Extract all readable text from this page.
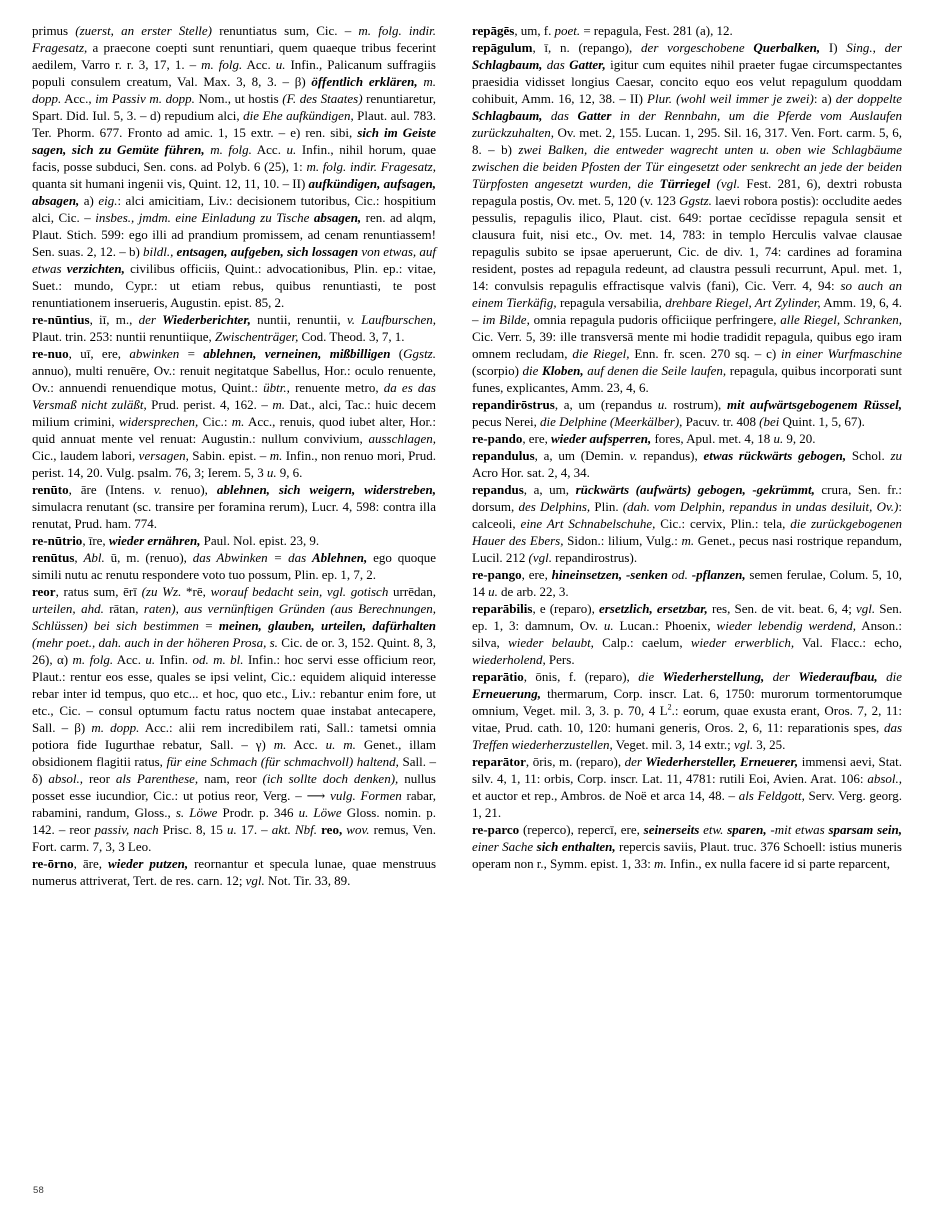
primus (zuerst, an erster Stelle) renuntiatus sum, Cic. – m. folg. indir. Fragesatz, a praecone coepti sunt renuntiari, quem quaeque tribus fecerint aedilem, Varro r. r. 3, 17, 1. – m. folg. Acc. u. Infin., Palicanum suffragiis populi consulem creatum, Val. Max. 3, 8, 3. – β) öffentlich erklären, m. dopp. Acc., im Passiv m. dopp. Nom., ut hostis (F. des Staates) renuntiaretur, Spart. Did. Iul. 5, 3. – d) repudium alci, die Ehe aufkündigen, Plaut. aul. 783. Ter. Phorm. 677. Fronto ad amic. 1, 15 extr. – e) ren. sibi, sich im Geiste sagen, sich zu Gemüte führen, m. folg. Acc. u. Infin., nihil horum, quae facis, posse subduci, Sen. cons. ad Polyb. 6 (25), 1: m. folg. indir. Fragesatz, quanta sit humani ingenii vis, Quint. 12, 11, 10. – II) aufkündigen, aufsagen, absagen, a) eig.: alci amicitiam, Liv.: decisionem tutoribus, Cic.: hospitium alci, Cic. – insbes., jmdm. eine Einladung zu Tische absagen, ren. ad alqm, Plaut. Stich. 599: ego illi ad prandium promissem, ad cenam renuntiassem! Sen. suas. 2, 12. – b) bildl., entsagen, aufgeben, sich lossagen von etwas, auf etwas verzichten, civilibus officiis, Quint.: advocationibus, Plin. ep.: vitae, Suet.: mundo, Cypr.: ut etiam rebus, quibus renuntiasti, te post renuntiationem inserueris, Augustin. epist. 85, 2.

re-nūntius, iī, m., der Wiederberichter, nuntii, renuntii, v. Laufburschen, Plaut. trin. 253: nuntii renuntiique, Zwischenträger, Cod. Theod. 3, 7, 1.

re-nuo, uī, ere, abwinken = ablehnen, verneinen, mißbilligen (Ggstz. annuo), multi renuēre, Ov.: renuit negitatque Sabellus, Hor.: oculo renuente, Ov.: annuendi renuendique motus, Quint.: übtr., renuente metro, da es das Versmaß nicht zuläßt, Prud. perist. 4, 162. – m. Dat., alci, Tac.: huic decem milium crimini, widersprechen, Cic.: m. Acc., renuis, quod iubet alter, Hor.: quid annuat mente vel renuat: Augustin.: nullum convivium, ausschlagen, Cic., laudem labori, versagen, Sabin. epist. – m. Infin., non renuo mori, Prud. perist. 14, 20. Vulg. psalm. 76, 3; Ierem. 5, 3 u. 9, 6.

renūto, āre (Intens. v. renuo), ablehnen, sich weigern, widerstreben, simulacra renutant (sc. transire per foramina rerum), Lucr. 4, 598: contra illa renutat, Prud. ham. 774.

re-nūtrio, īre, wieder ernähren, Paul. Nol. epist. 23, 9.

renūtus, Abl. ū, m. (renuo), das Abwinken = das Ablehnen, ego quoque simili nutu ac renutu respondere voto tuo possum, Plin. ep. 1, 7, 2.

reor, ratus sum, ērī (zu Wz. *rē, worauf bedacht sein, vgl. gotisch urrēdan, urteilen, ahd. rātan, raten), aus vernünftigen Gründen (aus Berechnungen, Schlüssen) bei sich bestimmen = meinen, glauben, urteilen, dafürhalten (mehr poet., dah. auch in der höheren Prosa, s. Cic. de or. 3, 152. Quint. 8, 3, 26), α) m. folg. Acc. u. Infin. od. m. bl. Infin.: hoc servi esse officium reor, Plaut.: rentur eos esse, quales se ipsi velint, Cic.: equidem aliquid interesse rebar inter id tempus, quo etc... et hoc, quo etc., Liv.: rebantur enim fore, ut etc., Cic. – consul optumum factu ratus noctem quae instabat antecapere, Sall. – β) m. dopp. Acc.: alii rem incredibilem rati, Sall.: tametsi omnia potiora fide Iugurthae rebatur, Sall. – γ) m. Acc. u. m. Genet., illam obsidionem flagitii ratus, für eine Schmach (für schmachvoll) haltend, Sall. – δ) absol., reor als Parenthese, nam, reor (ich sollte doch denken), nullus posset esse iucundior, Cic.: ut potius reor, Verg. – ⟶ vulg. Formen rabar, rabamini, randum, Gloss., s. Löwe Prodr. p. 346 u. Löwe Gloss. nomin. p. 142. – reor passiv, nach Prisc. 8, 15 u. 17. – akt. Nbf. reo, wov. remus, Ven. Fort. carm. 7, 3, 3 Leo.

re-ōrno, āre, wieder putzen, reornantur et specula lunae, quae menstruus numerus attriverat, Tert. de res. carn. 12; vgl. Not. Tir. 33, 89.

repāgēs, um, f. poet. = repagula, Fest. 281 (a), 12.

repāgulum, ī, n. (repango), der vorgeschobene Querbalken, I) Sing., der Schlagbaum, das Gatter, igitur cum equites nihil praeter fugae circumspectantes praesidia vidisset longius Caesar, concito equo eos velut repagulum quoddam cohibuit, Amm. 16, 12, 38. – II) Plur. (wohl weil immer je zwei): a) der doppelte Schlagbaum, das Gatter in der Rennbahn, um die Pferde vom Auslaufen zurückzuhalten, Ov. met. 2, 155. Lucan. 1, 295. Sil. 16, 317. Ven. Fort. carm. 5, 6, 8. – b) zwei Balken, die entweder wagrecht unten u. oben wie Schlagbäume zwischen die beiden Pfosten der Tür eingesetzt oder senkrecht an jede der beiden Türpfosten angesetzt wurden, die Türriegel (vgl. Fest. 281, 6), dextri robusta repagula postis, Ov. met. 5, 120 (v. 123 Ggstz. laevi robora postis): occludite aedes pessulis, repagulis ilico, Plaut. cist. 649: portae cecĭdisse repagula sensit et clausura fuit, nisi etc., Ov. met. 14, 783: in templo Herculis valvae clausae repagulis subito se ipsae aperuerunt, Cic. de div. 1, 74: cardines ad foramina resident, postes ad repagula redeunt, ad claustra pessuli recurrunt, Apul. met. 1, 14: convulsis repagulis effractisque valvis (fani), Cic. Verr. 4, 94: so auch an einem Tierkäfig, repagula versabilia, drehbare Riegel, Art Zylinder, Amm. 19, 6, 4. – im Bilde, omnia repagula pudoris officiique perfringere, alle Riegel, Schranken, Cic. Verr. 5, 39: ille transversā mente mi hodie tradidit repagula, quibus ego iram omnem recludam, die Riegel, Enn. fr. scen. 270 sq. – c) in einer Wurfmaschine (scorpio) die Kloben, auf denen die Seile laufen, repagula, quibus incorporati sunt funes, explicantes, Amm. 23, 4, 6.

repandirōstrus, a, um (repandus u. rostrum), mit aufwärtsgebogenem Rüssel, pecus Nerei, die Delphine (Meerkälber), Pacuv. tr. 408 (bei Quint. 1, 5, 67).

re-pando, ere, wieder aufsperren, fores, Apul. met. 4, 18 u. 9, 20.

repandulus, a, um (Demin. v. repandus), etwas rückwärts gebogen, Schol. zu Acro Hor. sat. 2, 4, 34.

repandus, a, um, rückwärts (aufwärts) gebogen, -gekrümmt, crura, Sen. fr.: dorsum, des Delphins, Plin. (dah. vom Delphin, repandus in undas desiluit, Ov.): calceoli, eine Art Schnabelschuhe, Cic.: cervix, Plin.: tela, die zurückgebogenen Hauer des Ebers, Sidon.: lilium, Vulg.: m. Genet., pecus nasi rostrique repandum, Lucil. 212 (vgl. repandirostrus).

re-pango, ere, hineinsetzen, -senken od. -pflanzen, semen ferulae, Colum. 5, 10, 14 u. de arb. 22, 3.

reparābilis, e (reparo), ersetzlich, ersetzbar, res, Sen. de vit. beat. 6, 4; vgl. Sen. ep. 1, 3: damnum, Ov. u. Lucan.: Phoenix, wieder lebendig werdend, Anson.: silva, wieder belaubt, Calp.: caelum, wieder erwerblich, Val. Flacc.: echo, wiederholend, Pers.

reparātio, ōnis, f. (reparo), die Wiederherstellung, der Wiederaufbau, die Erneuerung, thermarum, Corp. inscr. Lat. 6, 1750: murorum tormentorumque omnium, Veget. mil. 3, 3. p. 70, 4 $L^2$.: eorum, quae exusta erant, Oros. 7, 2, 11: vitae, Prud. cath. 10, 120: humani generis, Oros. 2, 6, 11: reparationis spes, das Treffen wiederherzustellen, Veget. mil. 3, 14 extr.; vgl. 3, 25.

reparātor, ōris, m. (reparo), der Wiederhersteller, Erneuerer, immensi aevi, Stat. silv. 4, 1, 11: orbis, Corp. inscr. Lat. 11, 4781: rutili Eoi, Avien. Arat. 106: absol., et auctor et rep., Ambros. de Noë et arca 14, 48. – als Feldgott, Serv. Verg. georg. 1, 21.

re-parco (reperco), repercī, ere, seinerseits etw. sparen, -mit etwas sparsam sein, einer Sache sich enthalten, repercis saviis, Plaut. truc. 376 Schoell: istius muneris operam non r., Symm. epist. 1, 33: m. Infin., ex nulla facere id si parte reparcent,

58
